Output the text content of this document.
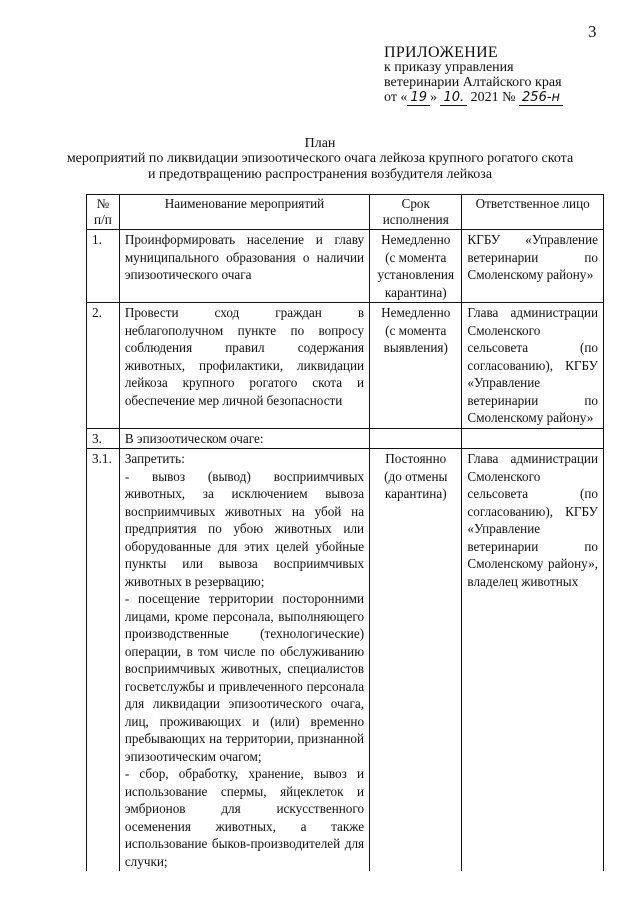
3
ПРИЛОЖЕНИЕ
к приказу управления
ветеринарии Алтайского края
от « 19 » 10. 2021 № 256-н
План
мероприятий по ликвидации эпизоотического очага лейкоза крупного рогатого скота
и предотвращению распространения возбудителя лейкоза
№ п/п	Наименование мероприятий	Срок исполнения	Ответственное лицо
1.	Проинформировать население и главу муниципального образования о наличии эпизоотического очага	Немедленно (с момента установления карантина)	КГБУ «Управление ветеринарии по Смоленскому району»
2.	Провести сход граждан в неблагополучном пункте по вопросу соблюдения правил содержания животных, профилактики, ликвидации лейкоза крупного рогатого скота и обеспечение мер личной безопасности	Немедленно (с момента выявления)	Глава администрации Смоленского сельсовета (по согласованию), КГБУ «Управление ветеринарии по Смоленскому району»
3.	В эпизоотическом очаге:		
3.1.	Запретить:
- вывоз (вывод) восприимчивых животных, за исключением вывоза восприимчивых животных на убой на предприятия по убою животных или оборудованные для этих целей убойные пункты или вывоза восприимчивых животных в резервацию;
- посещение территории посторонними лицами, кроме персонала, выполняющего производственные (технологические) операции, в том числе по обслуживанию восприимчивых животных, специалистов госветслужбы и привлеченного персонала для ликвидации эпизоотического очага, лиц, проживающих и (или) временно пребывающих на территории, признанной эпизоотическим очагом;
- сбор, обработку, хранение, вывоз и использование спермы, яйцеклеток и эмбрионов для искусственного осеменения животных, а также использование быков-производителей для случки;	Постоянно (до отмены карантина)	Глава администрации Смоленского сельсовета (по согласованию), КГБУ «Управление ветеринарии по Смоленскому району», владелец животных
